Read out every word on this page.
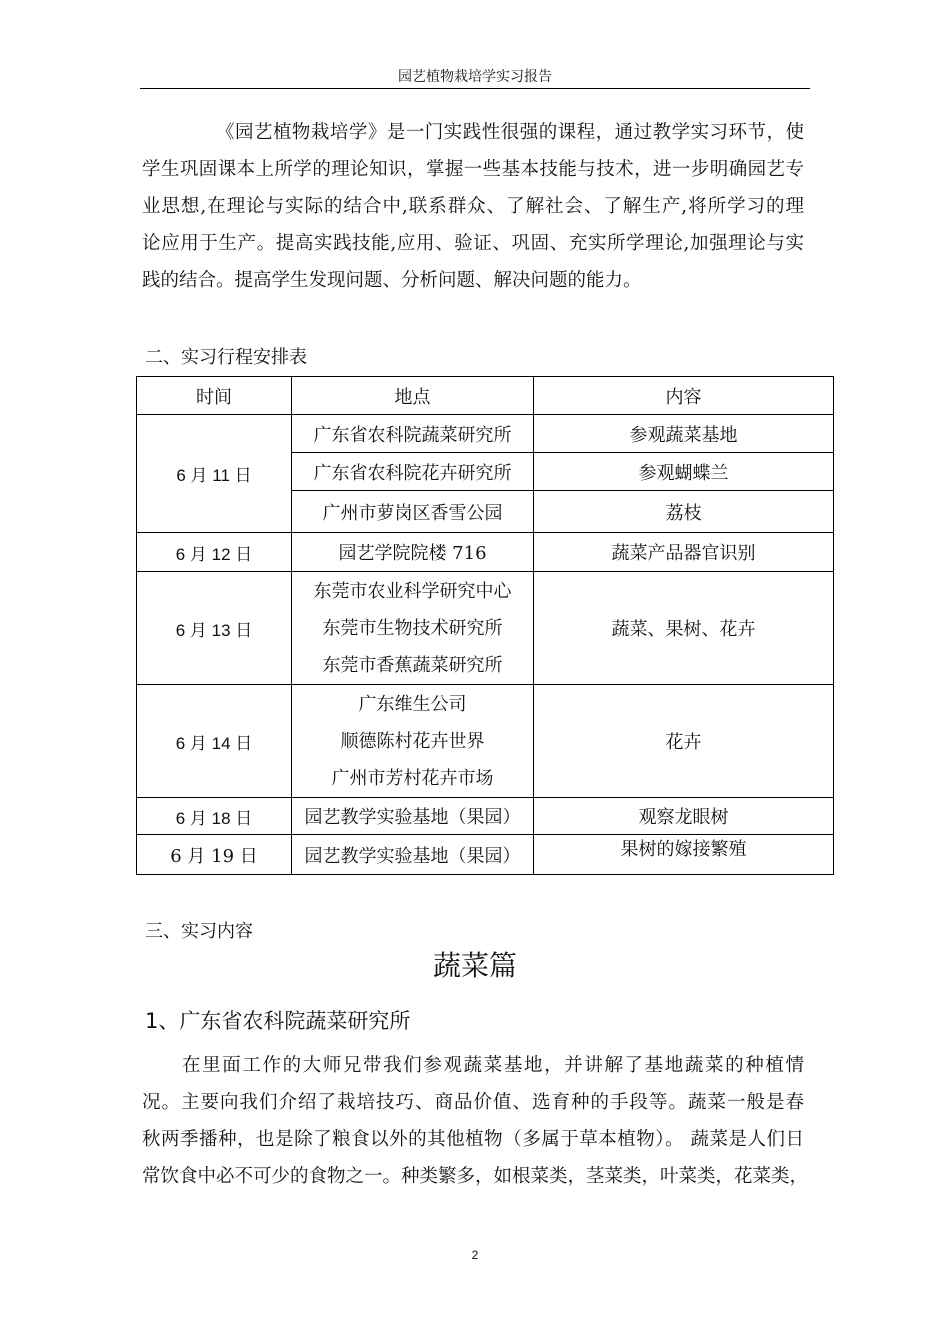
园艺植物栽培学实习报告
《园艺植物栽培学》是一门实践性很强的课程，通过教学实习环节，使
学生巩固课本上所学的理论知识，掌握一些基本技能与技术，进一步明确园艺专
业思想,在理论与实际的结合中,联系群众、了解社会、了解生产,将所学习的理
论应用于生产。提高实践技能,应用、验证、巩固、充实所学理论,加强理论与实
践的结合。提高学生发现问题、分析问题、解决问题的能力。
二、实习行程安排表
时间	地点	内容
6 月 11 日	广东省农科院蔬菜研究所	参观蔬菜基地
	广东省农科院花卉研究所	参观蝴蝶兰
	广州市萝岗区香雪公园	荔枝
6 月 12 日	园艺学院院楼 716	蔬菜产品器官识别
6 月 13 日	东莞市农业科学研究中心
东莞市生物技术研究所
东莞市香蕉蔬菜研究所	蔬菜、果树、花卉
6 月 14 日	广东维生公司
顺德陈村花卉世界
广州市芳村花卉市场	花卉
6 月 18 日	园艺教学实验基地（果园）	观察龙眼树
6 月 19 日	园艺教学实验基地（果园）	果树的嫁接繁殖
三、实习内容
蔬菜篇
1、广东省农科院蔬菜研究所
在里面工作的大师兄带我们参观蔬菜基地，并讲解了基地蔬菜的种植情
况。主要向我们介绍了栽培技巧、商品价值、选育种的手段等。蔬菜一般是春
秋两季播种，也是除了粮食以外的其他植物（多属于草本植物）。 蔬菜是人们日
常饮食中必不可少的食物之一。种类繁多，如根菜类，茎菜类，叶菜类，花菜类，
2
